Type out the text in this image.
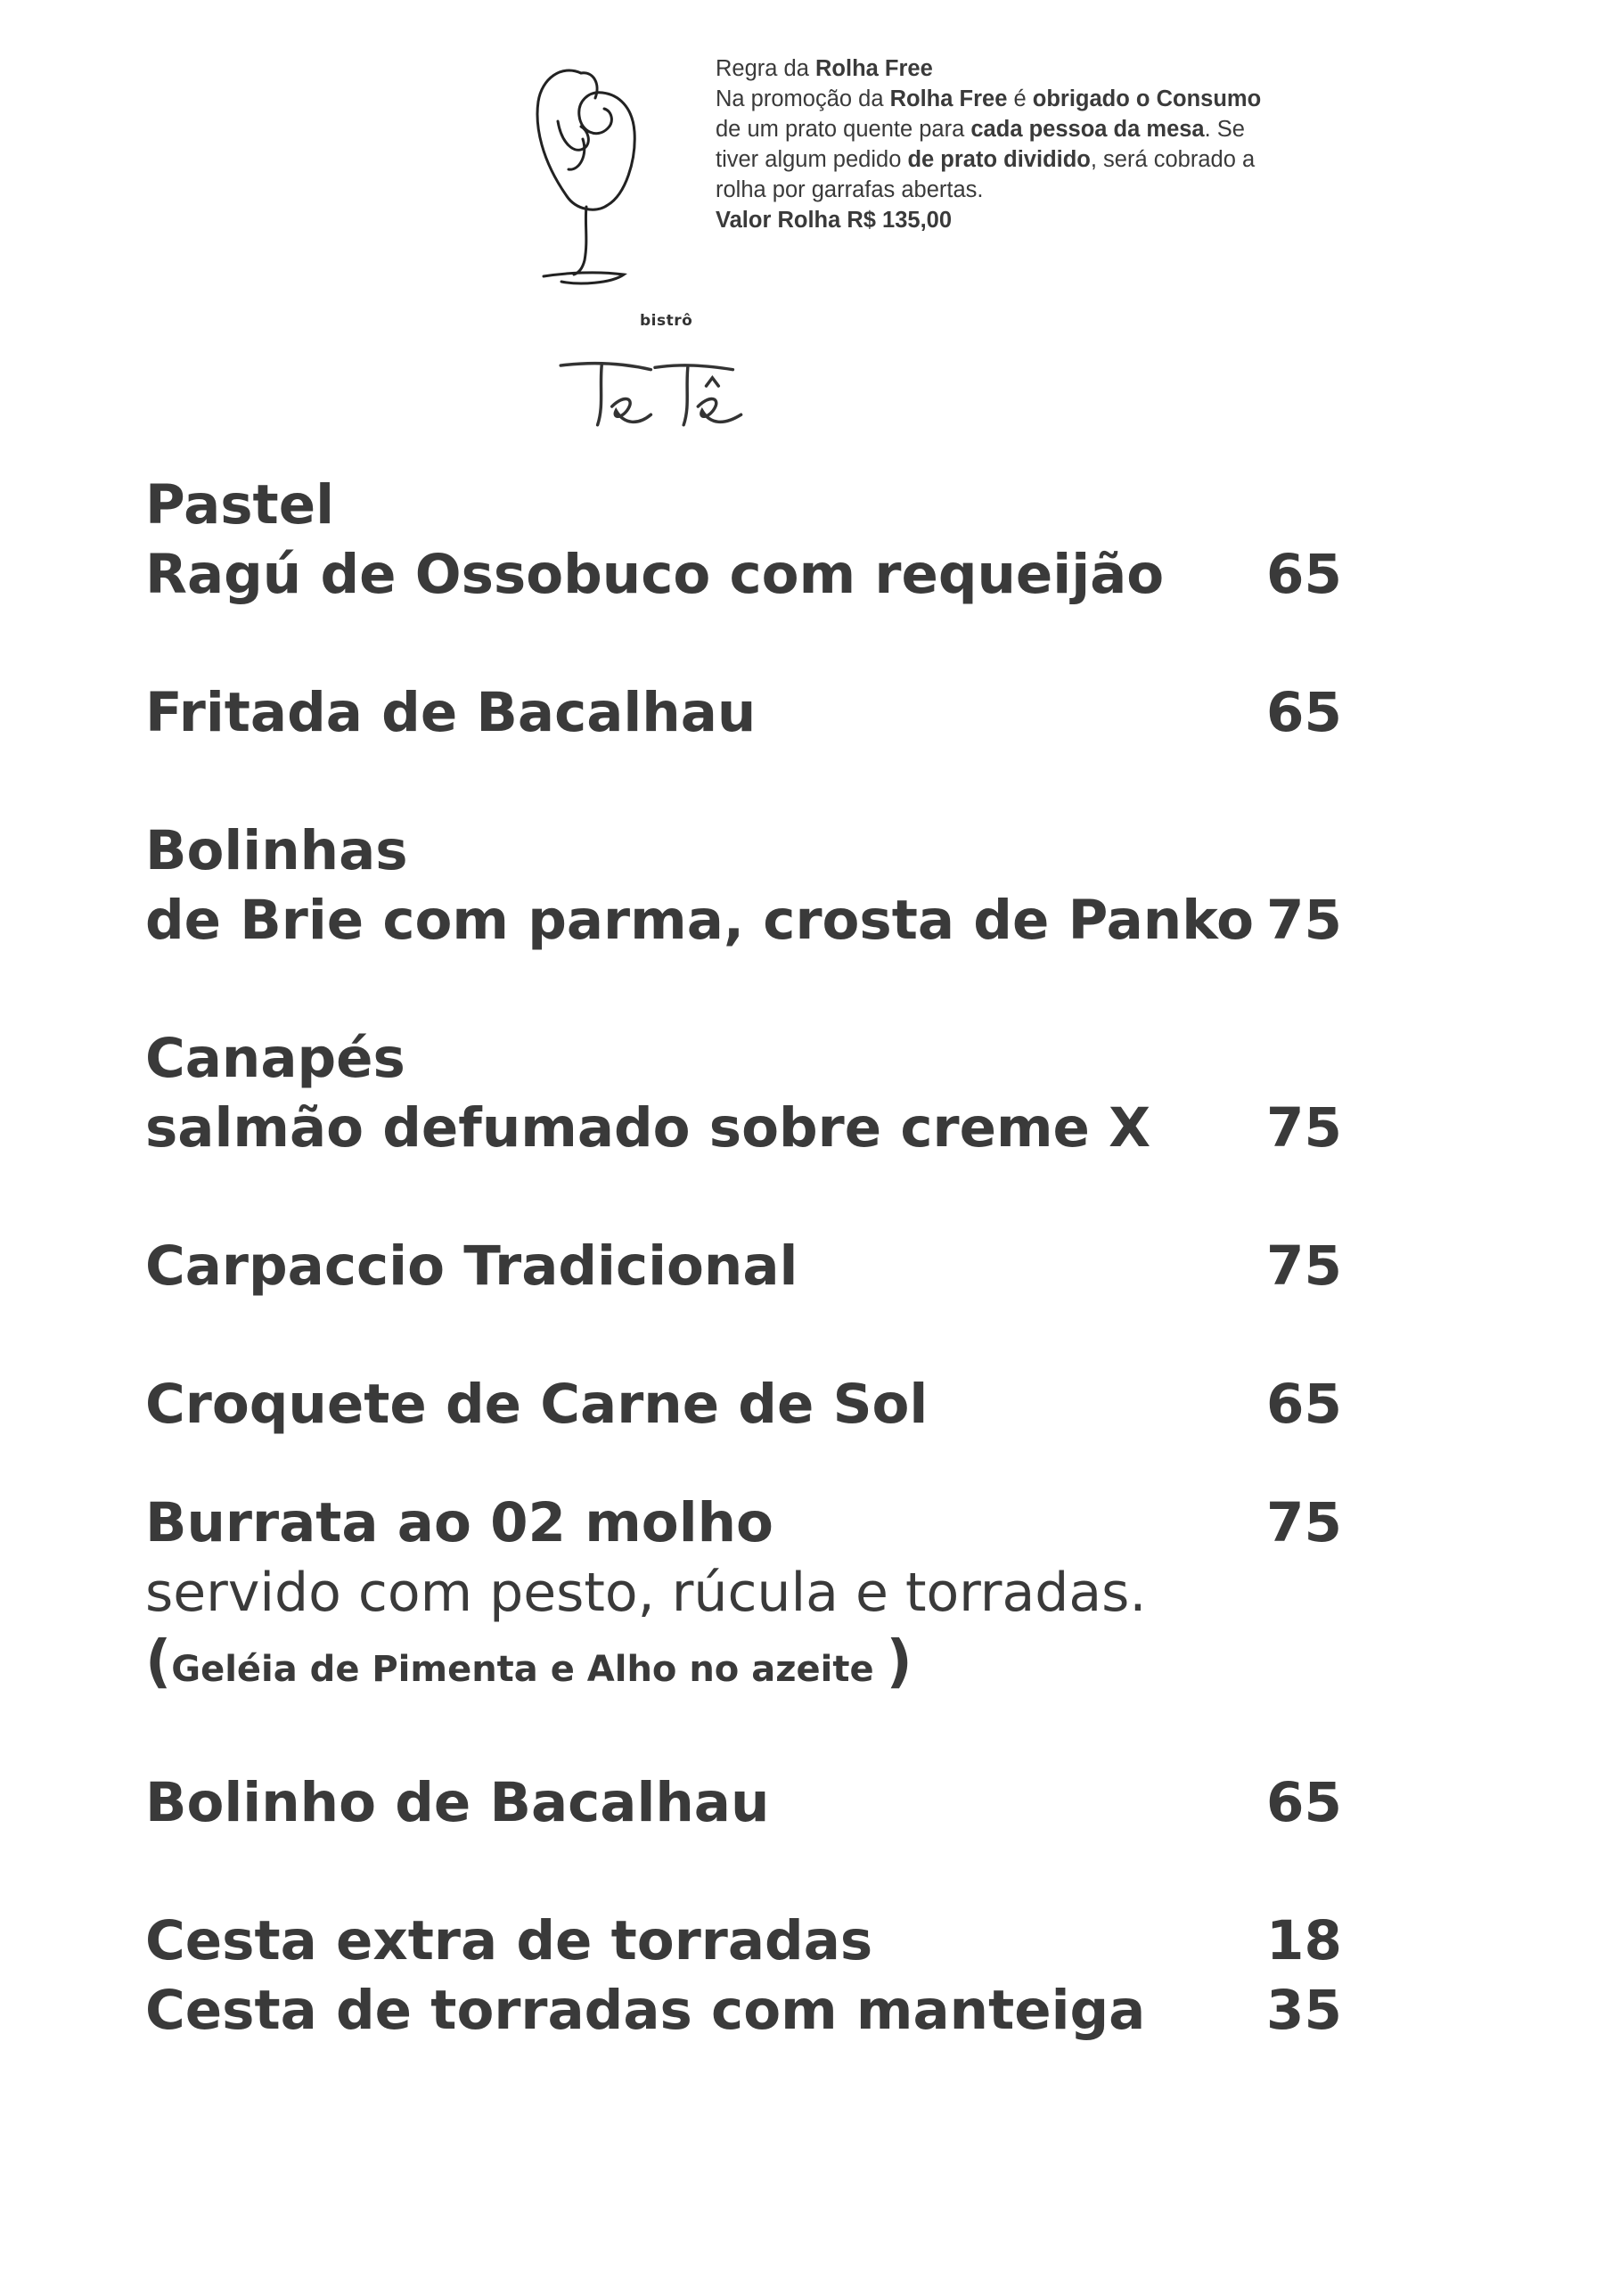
bistrô

Regra da Rolha Free

Na promoção da Rolha Free é obrigado o Consumo

de um prato quente para cada pessoa da mesa. Se

tiver algum pedido de prato dividido, será cobrado a

rolha por garrafas abertas.

Valor Rolha R$ 135,00

Pastel
Ragú de Ossobuco com requeijão	65
Fritada de Bacalhau	65
Bolinhas
de Brie com parma, crosta de Panko 75
Canapés
salmão defumado sobre creme X	75
Carpaccio Tradicional	75
Croquete de Carne de Sol	65
Burrata ao 02 molho	75
servido com pesto, rúcula e torradas.
(Geléia de Pimenta e Alho no azeite )
Bolinho de Bacalhau	65
Cesta extra de torradas	18
Cesta de torradas com manteiga	35
